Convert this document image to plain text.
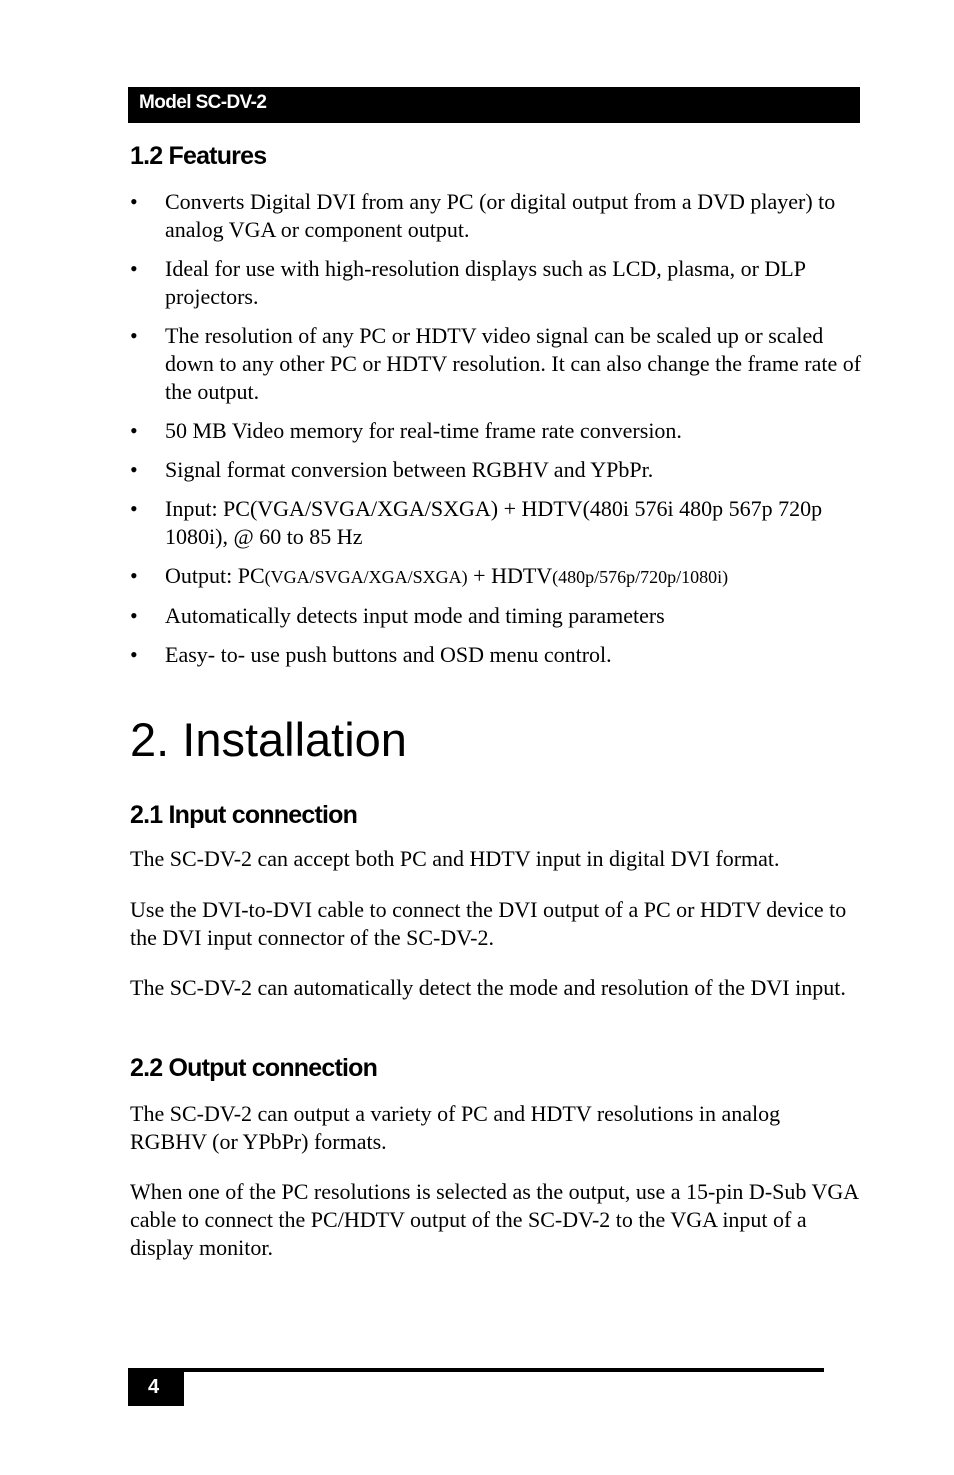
Model SC-DV-2
1.2 Features
• Converts Digital DVI from any PC (or digital output from a DVD player) to analog VGA or component output.
• Ideal for use with high-resolution displays such as LCD, plasma, or DLP projectors.
• The resolution of any PC or HDTV video signal can be scaled up or scaled down to any other PC or HDTV resolution. It can also change the frame rate of the output.
• 50 MB Video memory for real-time frame rate conversion.
• Signal format conversion between RGBHV and YPbPr.
• Input: PC(VGA/SVGA/XGA/SXGA) + HDTV(480i 576i 480p 567p 720p 1080i), @ 60 to 85 Hz
• Output: PC(VGA/SVGA/XGA/SXGA) + HDTV(480p/576p/720p/1080i)
• Automatically detects input mode and timing parameters
• Easy- to- use push buttons and OSD menu control.
2. Installation
2.1 Input connection

The SC-DV-2 can accept both PC and HDTV input in digital DVI format.

Use the DVI-to-DVI cable to connect the DVI output of a PC or HDTV device to the DVI input connector of the SC-DV-2.

The SC-DV-2 can automatically detect the mode and resolution of the DVI input.

2.2 Output connection

The SC-DV-2 can output a variety of PC and HDTV resolutions in analog RGBHV (or YPbPr) formats.

When one of the PC resolutions is selected as the output, use a 15-pin D-Sub VGA cable to connect the PC/HDTV output of the SC-DV-2 to the VGA input of a display monitor.

4
